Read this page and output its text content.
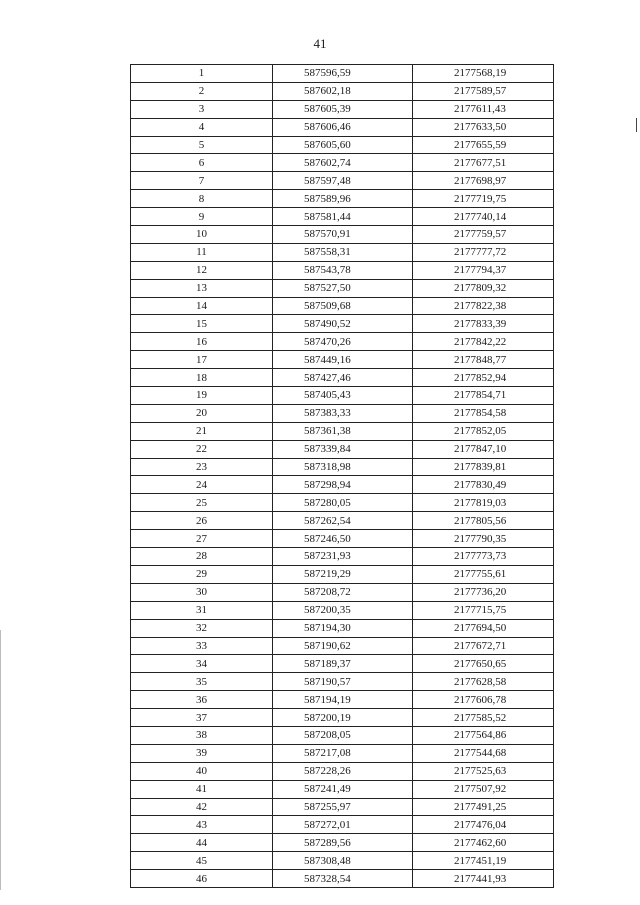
41
1	587596,59	2177568,19
2	587602,18	2177589,57
3	587605,39	2177611,43
4	587606,46	2177633,50
5	587605,60	2177655,59
6	587602,74	2177677,51
7	587597,48	2177698,97
8	587589,96	2177719,75
9	587581,44	2177740,14
10	587570,91	2177759,57
11	587558,31	2177777,72
12	587543,78	2177794,37
13	587527,50	2177809,32
14	587509,68	2177822,38
15	587490,52	2177833,39
16	587470,26	2177842,22
17	587449,16	2177848,77
18	587427,46	2177852,94
19	587405,43	2177854,71
20	587383,33	2177854,58
21	587361,38	2177852,05
22	587339,84	2177847,10
23	587318,98	2177839,81
24	587298,94	2177830,49
25	587280,05	2177819,03
26	587262,54	2177805,56
27	587246,50	2177790,35
28	587231,93	2177773,73
29	587219,29	2177755,61
30	587208,72	2177736,20
31	587200,35	2177715,75
32	587194,30	2177694,50
33	587190,62	2177672,71
34	587189,37	2177650,65
35	587190,57	2177628,58
36	587194,19	2177606,78
37	587200,19	2177585,52
38	587208,05	2177564,86
39	587217,08	2177544,68
40	587228,26	2177525,63
41	587241,49	2177507,92
42	587255,97	2177491,25
43	587272,01	2177476,04
44	587289,56	2177462,60
45	587308,48	2177451,19
46	587328,54	2177441,93
